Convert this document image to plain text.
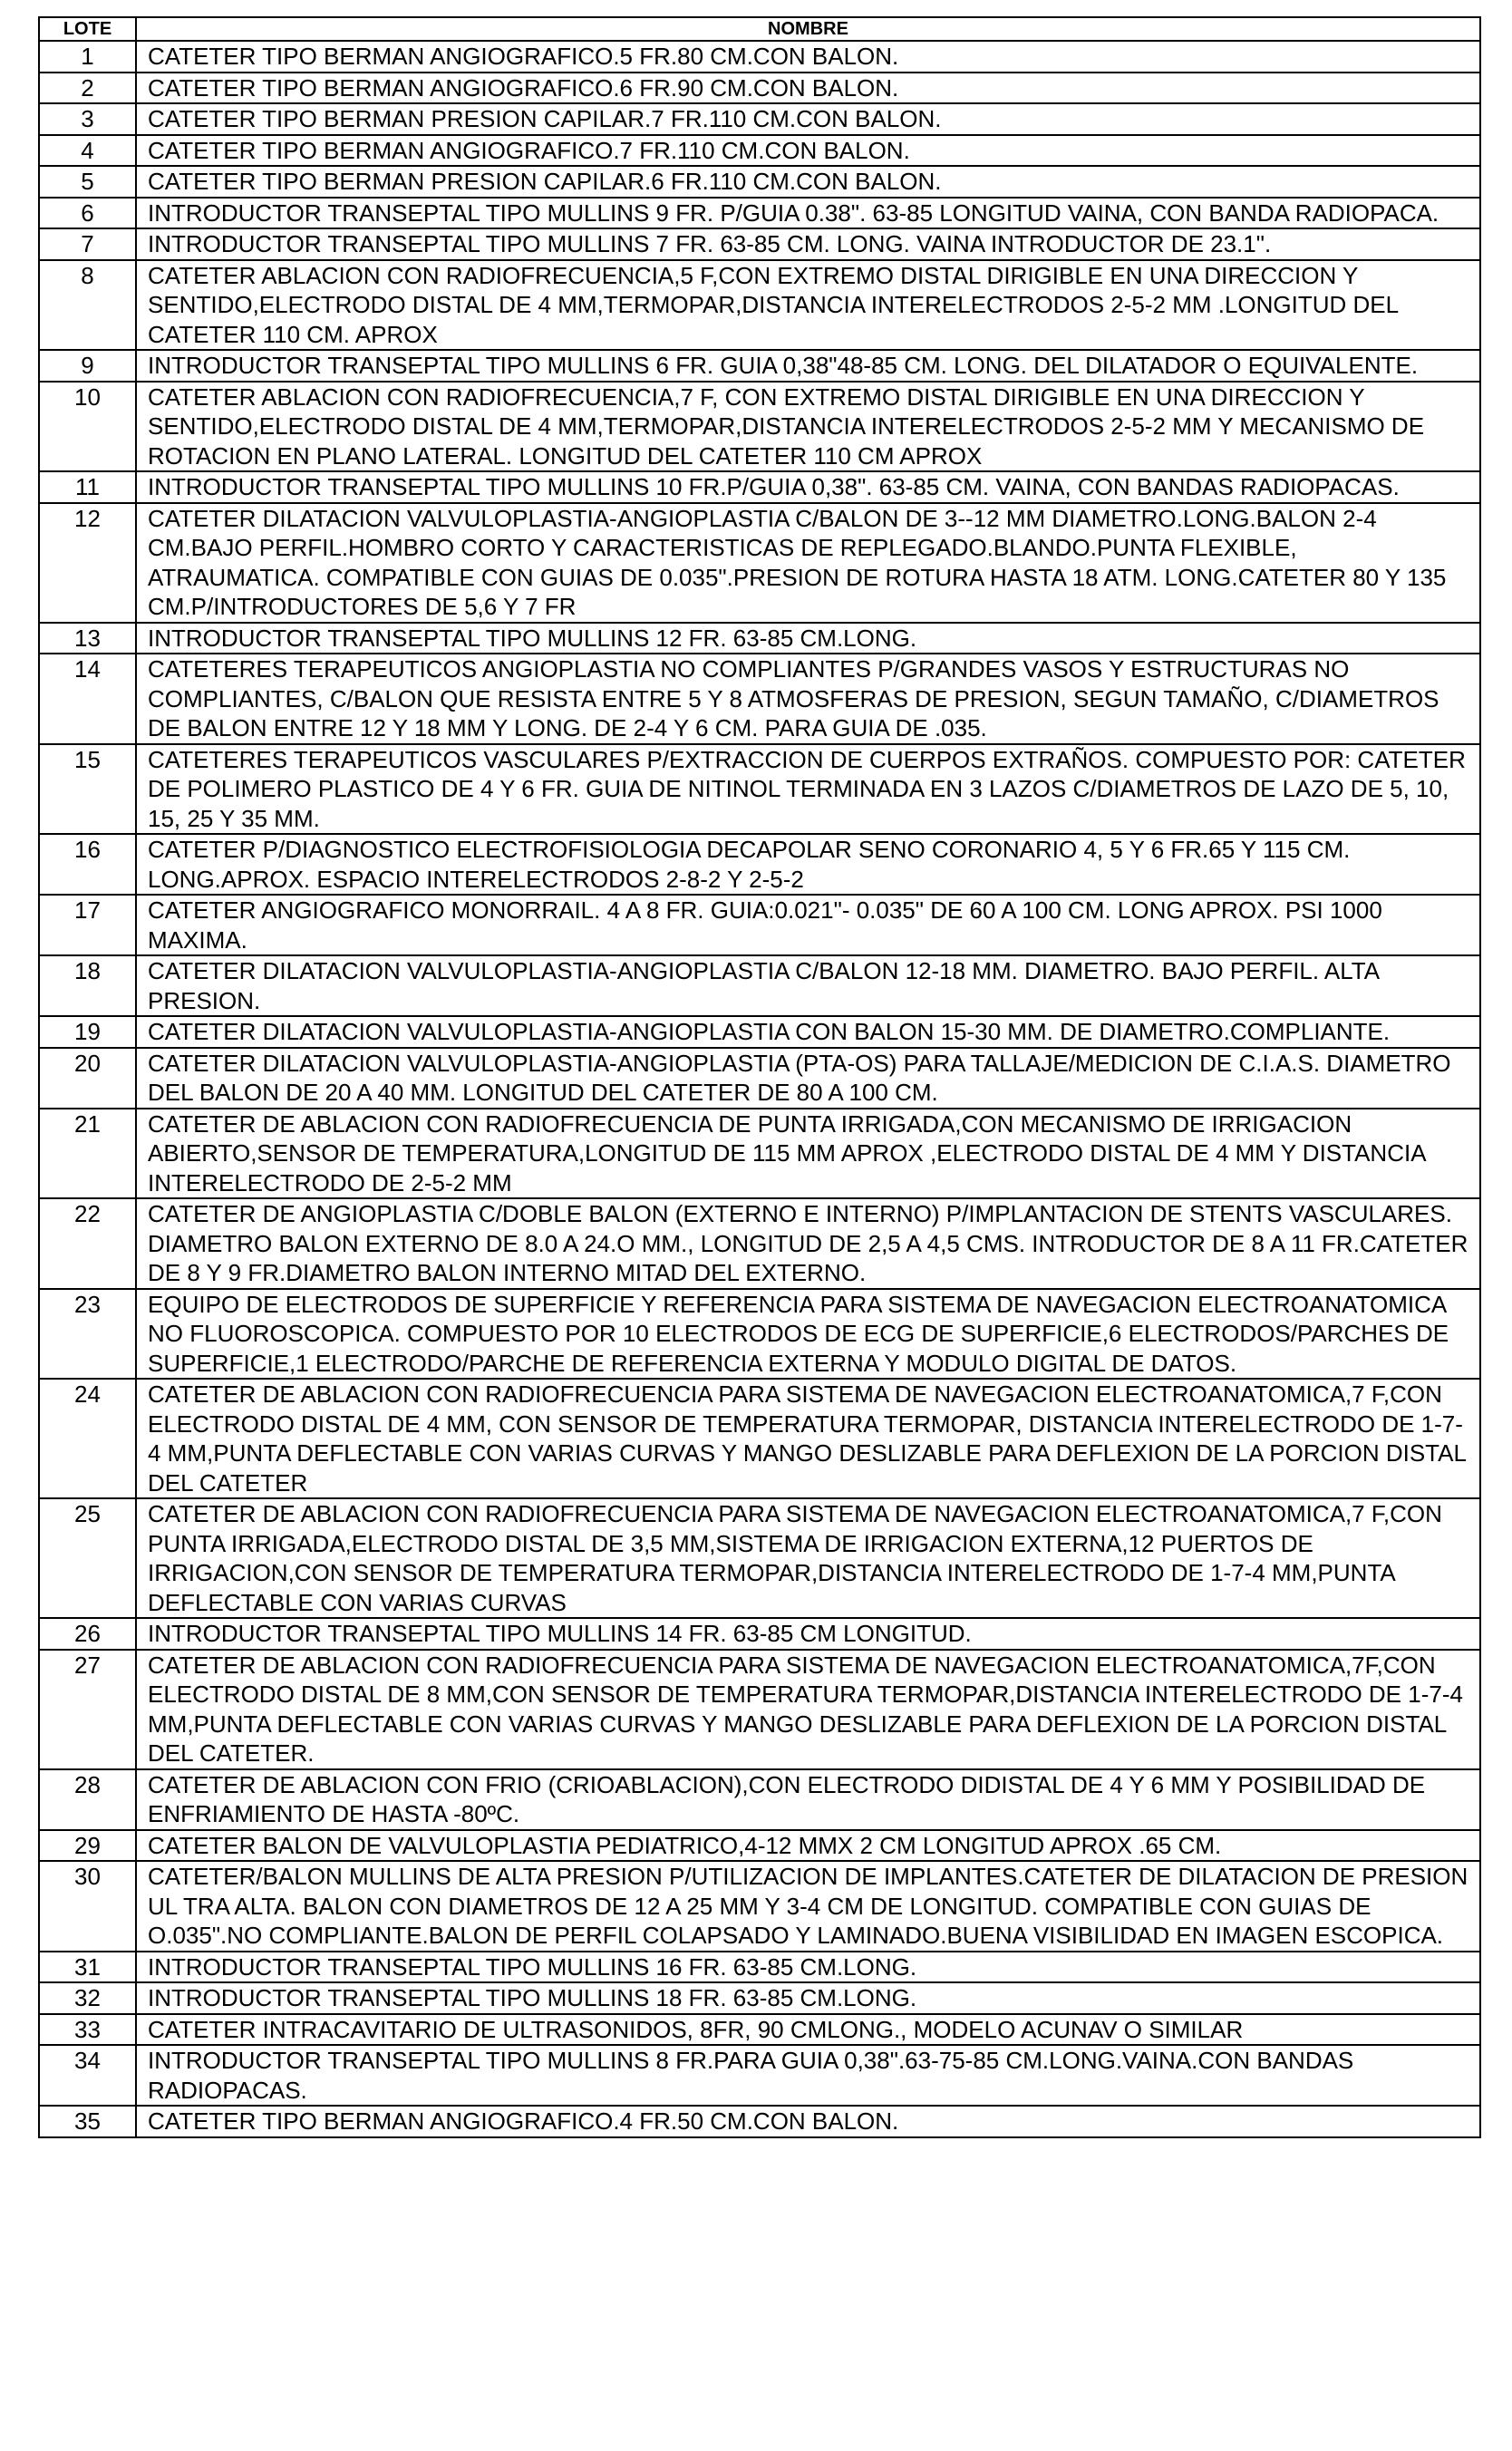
LOTE	NOMBRE
1	CATETER TIPO BERMAN ANGIOGRAFICO.5 FR.80 CM.CON BALON.
2	CATETER TIPO BERMAN ANGIOGRAFICO.6 FR.90 CM.CON BALON.
3	CATETER TIPO BERMAN PRESION CAPILAR.7 FR.110 CM.CON BALON.
4	CATETER TIPO BERMAN ANGIOGRAFICO.7 FR.110 CM.CON BALON.
5	CATETER TIPO BERMAN PRESION CAPILAR.6 FR.110 CM.CON BALON.
6	INTRODUCTOR TRANSEPTAL TIPO MULLINS 9 FR. P/GUIA 0.38". 63-85 LONGITUD VAINA, CON BANDA RADIOPACA.
7	INTRODUCTOR TRANSEPTAL TIPO MULLINS 7 FR. 63-85 CM. LONG. VAINA INTRODUCTOR DE 23.1".
8	CATETER ABLACION CON RADIOFRECUENCIA,5 F,CON EXTREMO DISTAL DIRIGIBLE EN UNA DIRECCION Y SENTIDO,ELECTRODO DISTAL DE 4 MM,TERMOPAR,DISTANCIA INTERELECTRODOS 2-5-2 MM .LONGITUD DEL CATETER 110 CM. APROX
9	INTRODUCTOR TRANSEPTAL TIPO MULLINS 6 FR. GUIA 0,38"48-85 CM. LONG. DEL DILATADOR O EQUIVALENTE.
10	CATETER ABLACION CON RADIOFRECUENCIA,7 F, CON EXTREMO DISTAL DIRIGIBLE EN UNA DIRECCION Y SENTIDO,ELECTRODO DISTAL DE 4 MM,TERMOPAR,DISTANCIA INTERELECTRODOS 2-5-2 MM Y MECANISMO DE ROTACION EN PLANO LATERAL. LONGITUD DEL CATETER 110 CM APROX
11	INTRODUCTOR TRANSEPTAL TIPO MULLINS 10 FR.P/GUIA 0,38". 63-85 CM. VAINA, CON BANDAS RADIOPACAS.
12	CATETER DILATACION VALVULOPLASTIA-ANGIOPLASTIA C/BALON DE 3--12 MM DIAMETRO.LONG.BALON 2-4 CM.BAJO PERFIL.HOMBRO CORTO Y CARACTERISTICAS DE REPLEGADO.BLANDO.PUNTA FLEXIBLE, ATRAUMATICA. COMPATIBLE CON GUIAS DE 0.035".PRESION DE ROTURA HASTA 18 ATM. LONG.CATETER 80 Y 135 CM.P/INTRODUCTORES DE 5,6 Y 7 FR
13	INTRODUCTOR TRANSEPTAL TIPO MULLINS 12 FR. 63-85 CM.LONG.
14	CATETERES TERAPEUTICOS ANGIOPLASTIA NO COMPLIANTES P/GRANDES VASOS Y ESTRUCTURAS NO COMPLIANTES, C/BALON QUE RESISTA ENTRE 5 Y 8 ATMOSFERAS DE PRESION, SEGUN TAMAÑO, C/DIAMETROS DE BALON ENTRE 12 Y 18 MM Y LONG. DE 2-4 Y 6 CM. PARA GUIA DE .035.
15	CATETERES TERAPEUTICOS VASCULARES P/EXTRACCION DE CUERPOS EXTRAÑOS. COMPUESTO POR: CATETER DE POLIMERO PLASTICO DE 4 Y 6 FR. GUIA DE NITINOL TERMINADA EN 3 LAZOS C/DIAMETROS DE LAZO DE 5, 10, 15, 25 Y 35 MM.
16	CATETER P/DIAGNOSTICO ELECTROFISIOLOGIA DECAPOLAR SENO CORONARIO 4, 5 Y 6 FR.65 Y 115 CM. LONG.APROX. ESPACIO INTERELECTRODOS 2-8-2 Y 2-5-2
17	CATETER ANGIOGRAFICO MONORRAIL. 4 A 8 FR. GUIA:0.021"- 0.035" DE 60 A 100 CM. LONG APROX. PSI 1000 MAXIMA.
18	CATETER DILATACION VALVULOPLASTIA-ANGIOPLASTIA C/BALON 12-18 MM. DIAMETRO. BAJO PERFIL. ALTA PRESION.
19	CATETER DILATACION VALVULOPLASTIA-ANGIOPLASTIA CON BALON 15-30 MM. DE DIAMETRO.COMPLIANTE.
20	CATETER DILATACION VALVULOPLASTIA-ANGIOPLASTIA (PTA-OS) PARA TALLAJE/MEDICION DE C.I.A.S. DIAMETRO DEL BALON DE 20 A 40 MM. LONGITUD DEL CATETER DE 80 A 100 CM.
21	CATETER DE ABLACION CON RADIOFRECUENCIA DE PUNTA IRRIGADA,CON MECANISMO DE IRRIGACION ABIERTO,SENSOR DE TEMPERATURA,LONGITUD DE 115 MM APROX ,ELECTRODO DISTAL DE 4 MM Y DISTANCIA INTERELECTRODO DE 2-5-2 MM
22	CATETER DE ANGIOPLASTIA C/DOBLE BALON (EXTERNO E INTERNO) P/IMPLANTACION DE STENTS VASCULARES. DIAMETRO BALON EXTERNO DE 8.0 A 24.O MM., LONGITUD DE 2,5 A 4,5 CMS. INTRODUCTOR DE 8 A 11 FR.CATETER DE 8 Y 9 FR.DIAMETRO BALON INTERNO MITAD DEL EXTERNO.
23	EQUIPO DE ELECTRODOS DE SUPERFICIE Y REFERENCIA PARA SISTEMA DE NAVEGACION ELECTROANATOMICA NO FLUOROSCOPICA. COMPUESTO POR 10 ELECTRODOS DE ECG DE SUPERFICIE,6 ELECTRODOS/PARCHES DE SUPERFICIE,1 ELECTRODO/PARCHE DE REFERENCIA EXTERNA Y MODULO DIGITAL DE DATOS.
24	CATETER DE ABLACION CON RADIOFRECUENCIA PARA SISTEMA DE NAVEGACION ELECTROANATOMICA,7 F,CON ELECTRODO DISTAL DE 4 MM, CON SENSOR DE TEMPERATURA TERMOPAR, DISTANCIA INTERELECTRODO DE 1-7-4 MM,PUNTA DEFLECTABLE CON VARIAS CURVAS Y MANGO DESLIZABLE PARA DEFLEXION DE LA PORCION DISTAL DEL CATETER
25	CATETER DE ABLACION CON RADIOFRECUENCIA PARA SISTEMA DE NAVEGACION ELECTROANATOMICA,7 F,CON PUNTA IRRIGADA,ELECTRODO DISTAL DE 3,5 MM,SISTEMA DE IRRIGACION EXTERNA,12 PUERTOS DE IRRIGACION,CON SENSOR DE TEMPERATURA TERMOPAR,DISTANCIA INTERELECTRODO DE 1-7-4 MM,PUNTA DEFLECTABLE CON VARIAS CURVAS
26	INTRODUCTOR TRANSEPTAL TIPO MULLINS 14 FR. 63-85 CM LONGITUD.
27	CATETER DE ABLACION CON RADIOFRECUENCIA PARA SISTEMA DE NAVEGACION ELECTROANATOMICA,7F,CON ELECTRODO DISTAL DE 8 MM,CON SENSOR DE TEMPERATURA TERMOPAR,DISTANCIA INTERELECTRODO DE 1-7-4 MM,PUNTA DEFLECTABLE CON VARIAS CURVAS Y MANGO DESLIZABLE PARA DEFLEXION DE LA PORCION DISTAL DEL CATETER.
28	CATETER DE ABLACION CON FRIO (CRIOABLACION),CON ELECTRODO DIDISTAL DE 4 Y 6 MM Y POSIBILIDAD DE ENFRIAMIENTO DE HASTA -80ºC.
29	CATETER BALON DE VALVULOPLASTIA PEDIATRICO,4-12 MMX 2 CM LONGITUD APROX .65 CM.
30	CATETER/BALON MULLINS DE ALTA PRESION P/UTILIZACION DE IMPLANTES.CATETER DE DILATACION DE PRESION UL TRA ALTA. BALON CON DIAMETROS DE 12 A 25 MM Y 3-4 CM DE LONGITUD. COMPATIBLE CON GUIAS DE O.035".NO COMPLIANTE.BALON DE PERFIL COLAPSADO Y LAMINADO.BUENA VISIBILIDAD EN IMAGEN ESCOPICA.
31	INTRODUCTOR TRANSEPTAL TIPO MULLINS 16 FR. 63-85 CM.LONG.
32	INTRODUCTOR TRANSEPTAL TIPO MULLINS 18 FR. 63-85 CM.LONG.
33	CATETER INTRACAVITARIO DE ULTRASONIDOS, 8FR, 90 CMLONG., MODELO ACUNAV O SIMILAR
34	INTRODUCTOR TRANSEPTAL TIPO MULLINS 8 FR.PARA GUIA 0,38".63-75-85 CM.LONG.VAINA.CON BANDAS RADIOPACAS.
35	CATETER TIPO BERMAN ANGIOGRAFICO.4 FR.50 CM.CON BALON.
